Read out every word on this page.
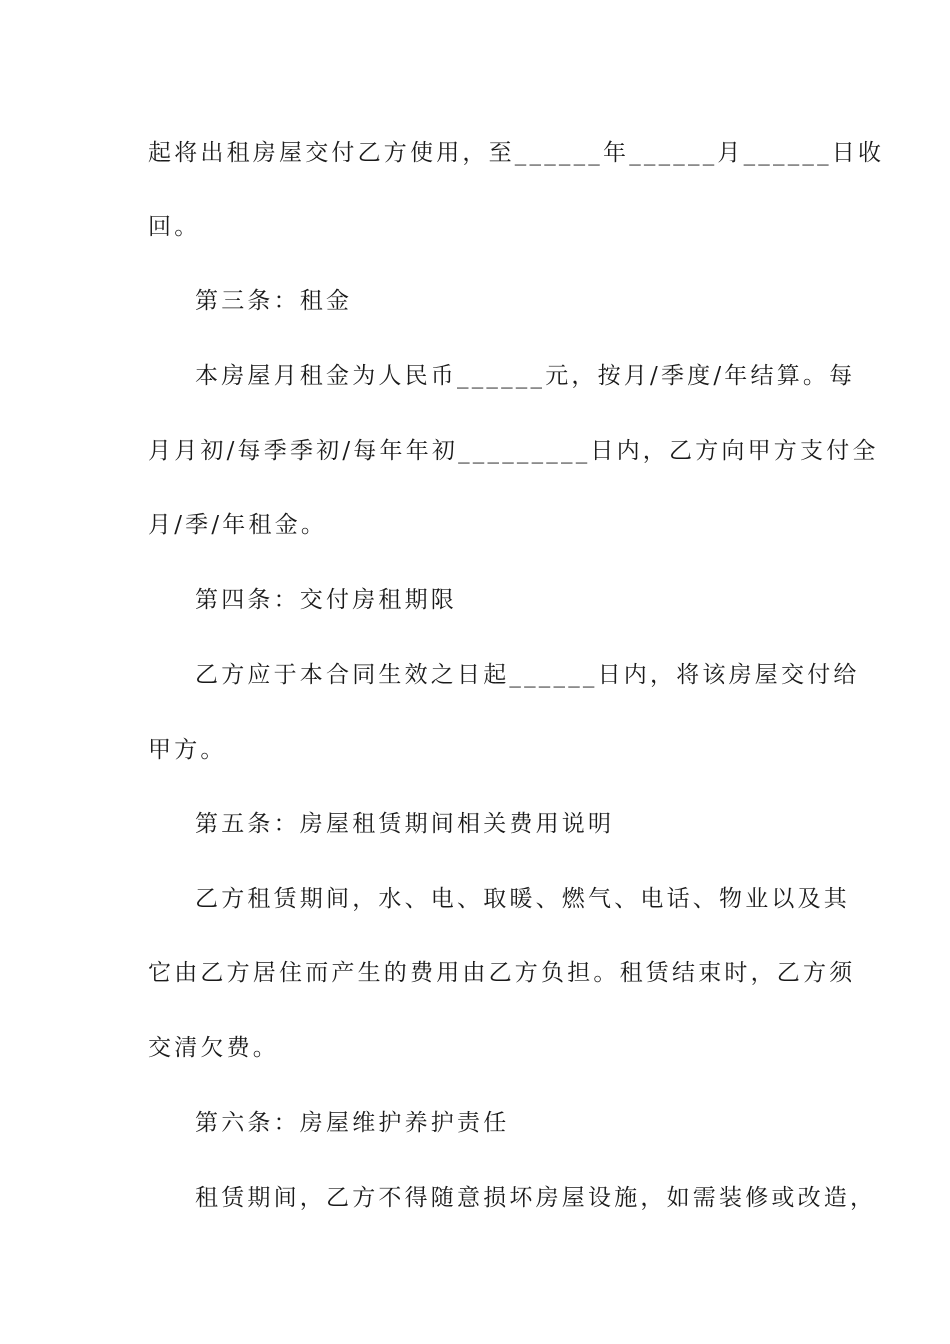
起将出租房屋交付乙方使用，至______年______月______日收
回。
第三条：租金
本房屋月租金为人民币______元，按月/季度/年结算。每
月月初/每季季初/每年年初_________日内，乙方向甲方支付全
月/季/年租金。
第四条：交付房租期限
乙方应于本合同生效之日起______日内，将该房屋交付给
甲方。
第五条：房屋租赁期间相关费用说明
乙方租赁期间，水、电、取暖、燃气、电话、物业以及其
它由乙方居住而产生的费用由乙方负担。租赁结束时，乙方须
交清欠费。
第六条：房屋维护养护责任
租赁期间，乙方不得随意损坏房屋设施，如需装修或改造，
